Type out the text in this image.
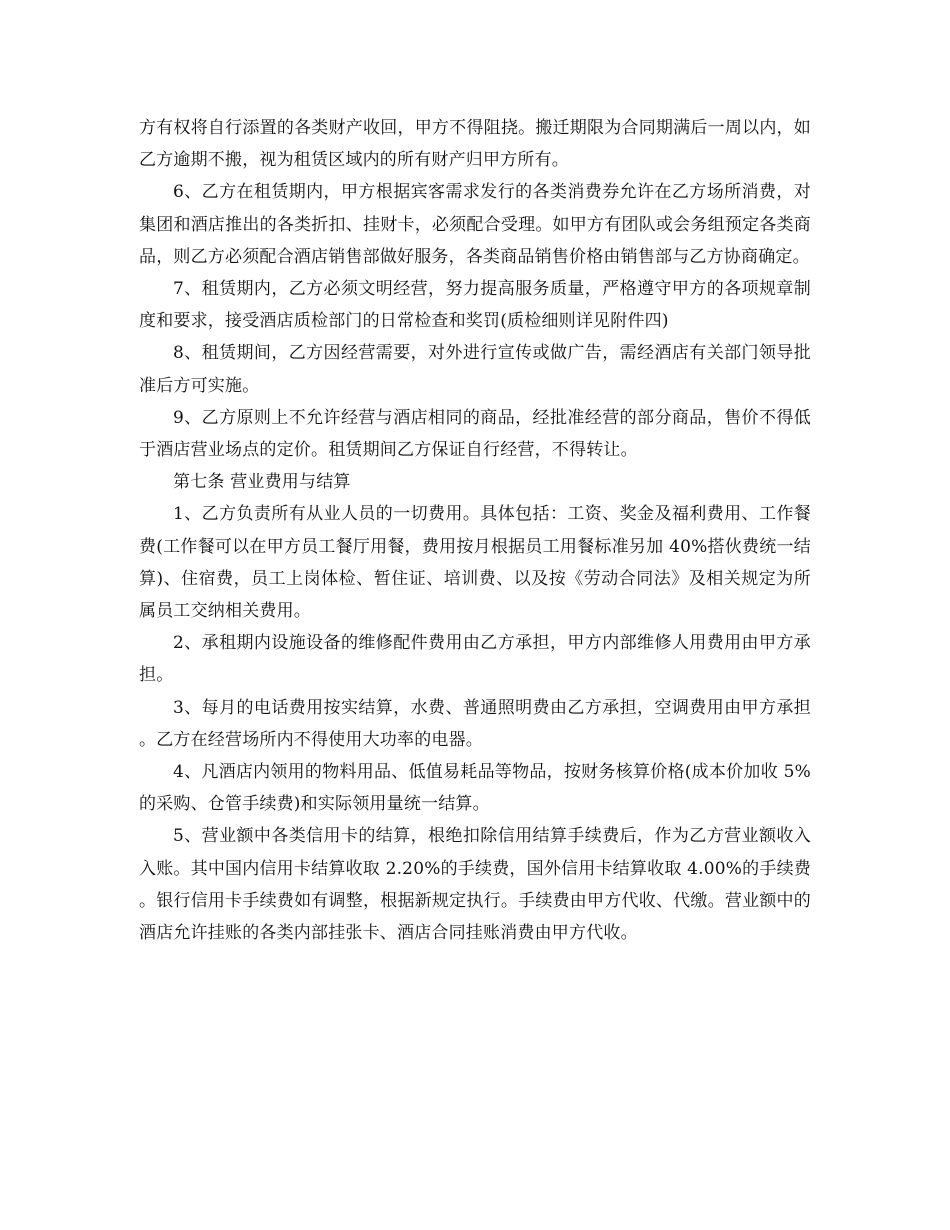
方有权将自行添置的各类财产收回，甲方不得阻挠。搬迁期限为合同期满后一周以内，如乙方逾期不搬，视为租赁区域内的所有财产归甲方所有。

6、乙方在租赁期内，甲方根据宾客需求发行的各类消费券允许在乙方场所消费，对集团和酒店推出的各类折扣、挂财卡，必须配合受理。如甲方有团队或会务组预定各类商品，则乙方必须配合酒店销售部做好服务，各类商品销售价格由销售部与乙方协商确定。

7、租赁期内，乙方必须文明经营，努力提高服务质量，严格遵守甲方的各项规章制度和要求，接受酒店质检部门的日常检查和奖罚(质检细则详见附件四)

8、租赁期间，乙方因经营需要，对外进行宣传或做广告，需经酒店有关部门领导批准后方可实施。

9、乙方原则上不允许经营与酒店相同的商品，经批准经营的部分商品，售价不得低于酒店营业场点的定价。租赁期间乙方保证自行经营，不得转让。

第七条 营业费用与结算

1、乙方负责所有从业人员的一切费用。具体包括：工资、奖金及福利费用、工作餐费(工作餐可以在甲方员工餐厅用餐，费用按月根据员工用餐标准另加 40%搭伙费统一结算)、住宿费，员工上岗体检、暂住证、培训费、以及按《劳动合同法》及相关规定为所属员工交纳相关费用。

2、承租期内设施设备的维修配件费用由乙方承担，甲方内部维修人用费用由甲方承担。

3、每月的电话费用按实结算，水费、普通照明费由乙方承担，空调费用由甲方承担。乙方在经营场所内不得使用大功率的电器。

4、凡酒店内领用的物料用品、低值易耗品等物品，按财务核算价格(成本价加收 5%的采购、仓管手续费)和实际领用量统一结算。

5、营业额中各类信用卡的结算，根绝扣除信用结算手续费后，作为乙方营业额收入入账。其中国内信用卡结算收取 2.20%的手续费，国外信用卡结算收取 4.00%的手续费。银行信用卡手续费如有调整，根据新规定执行。手续费由甲方代收、代缴。营业额中的酒店允许挂账的各类内部挂张卡、酒店合同挂账消费由甲方代收。
